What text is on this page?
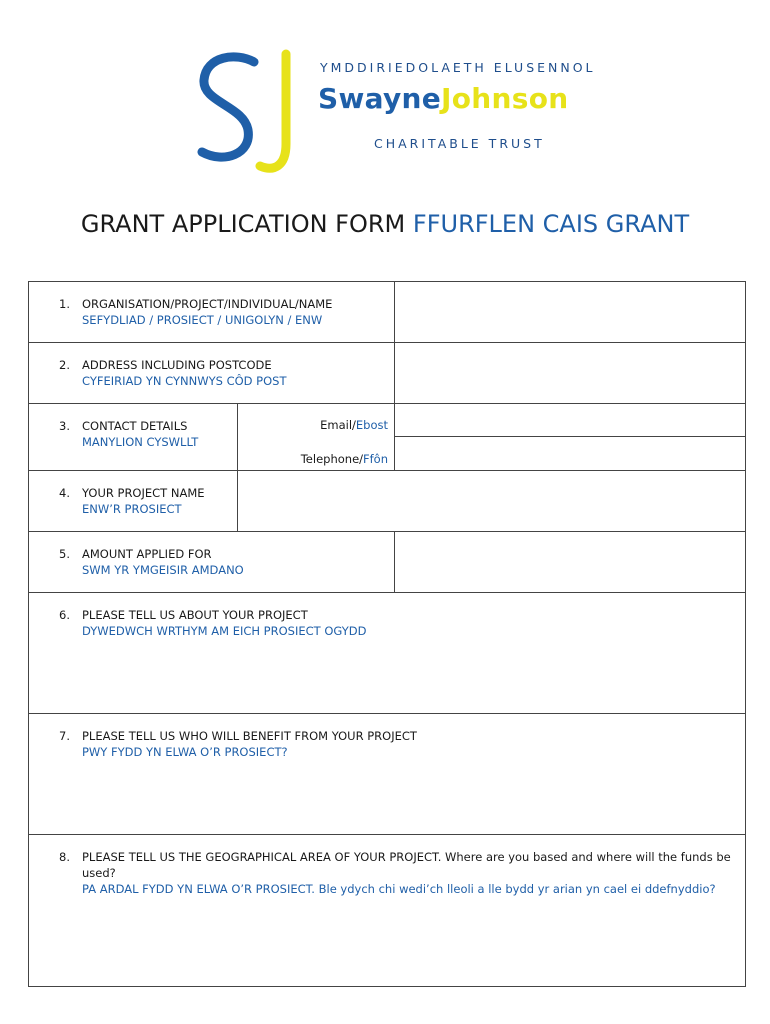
YMDDIRIEDOLAETH ELUSENNOL
SwayneJohnson
CHARITABLE TRUST
GRANT APPLICATION FORM FFURFLEN CAIS GRANT
1. ORGANISATION/PROJECT/INDIVIDUAL/NAME
SEFYDLIAD / PROSIECT / UNIGOLYN / ENW		

2. ADDRESS INCLUDING POSTCODE
CYFEIRIAD YN CYNNWYS CÔD POST		

3. CONTACT DETAILS
MANYLION CYSWLLT	Email/Ebost	

	Telephone/Ffôn	

4. YOUR PROJECT NAME
ENW’R PROSIECT		

5. AMOUNT APPLIED FOR
SWM YR YMGEISIR AMDANO		

6. PLEASE TELL US ABOUT YOUR PROJECT
DYWEDWCH WRTHYM AM EICH PROSIECT OGYDD		

7. PLEASE TELL US WHO WILL BENEFIT FROM YOUR PROJECT
PWY FYDD YN ELWA O’R PROSIECT?		

8. PLEASE TELL US THE GEOGRAPHICAL AREA OF YOUR PROJECT. Where are you based and where will the funds be used?
PA ARDAL FYDD YN ELWA O’R PROSIECT. Ble ydych chi wedi’ch lleoli a lle bydd yr arian yn cael ei ddefnyddio?		
